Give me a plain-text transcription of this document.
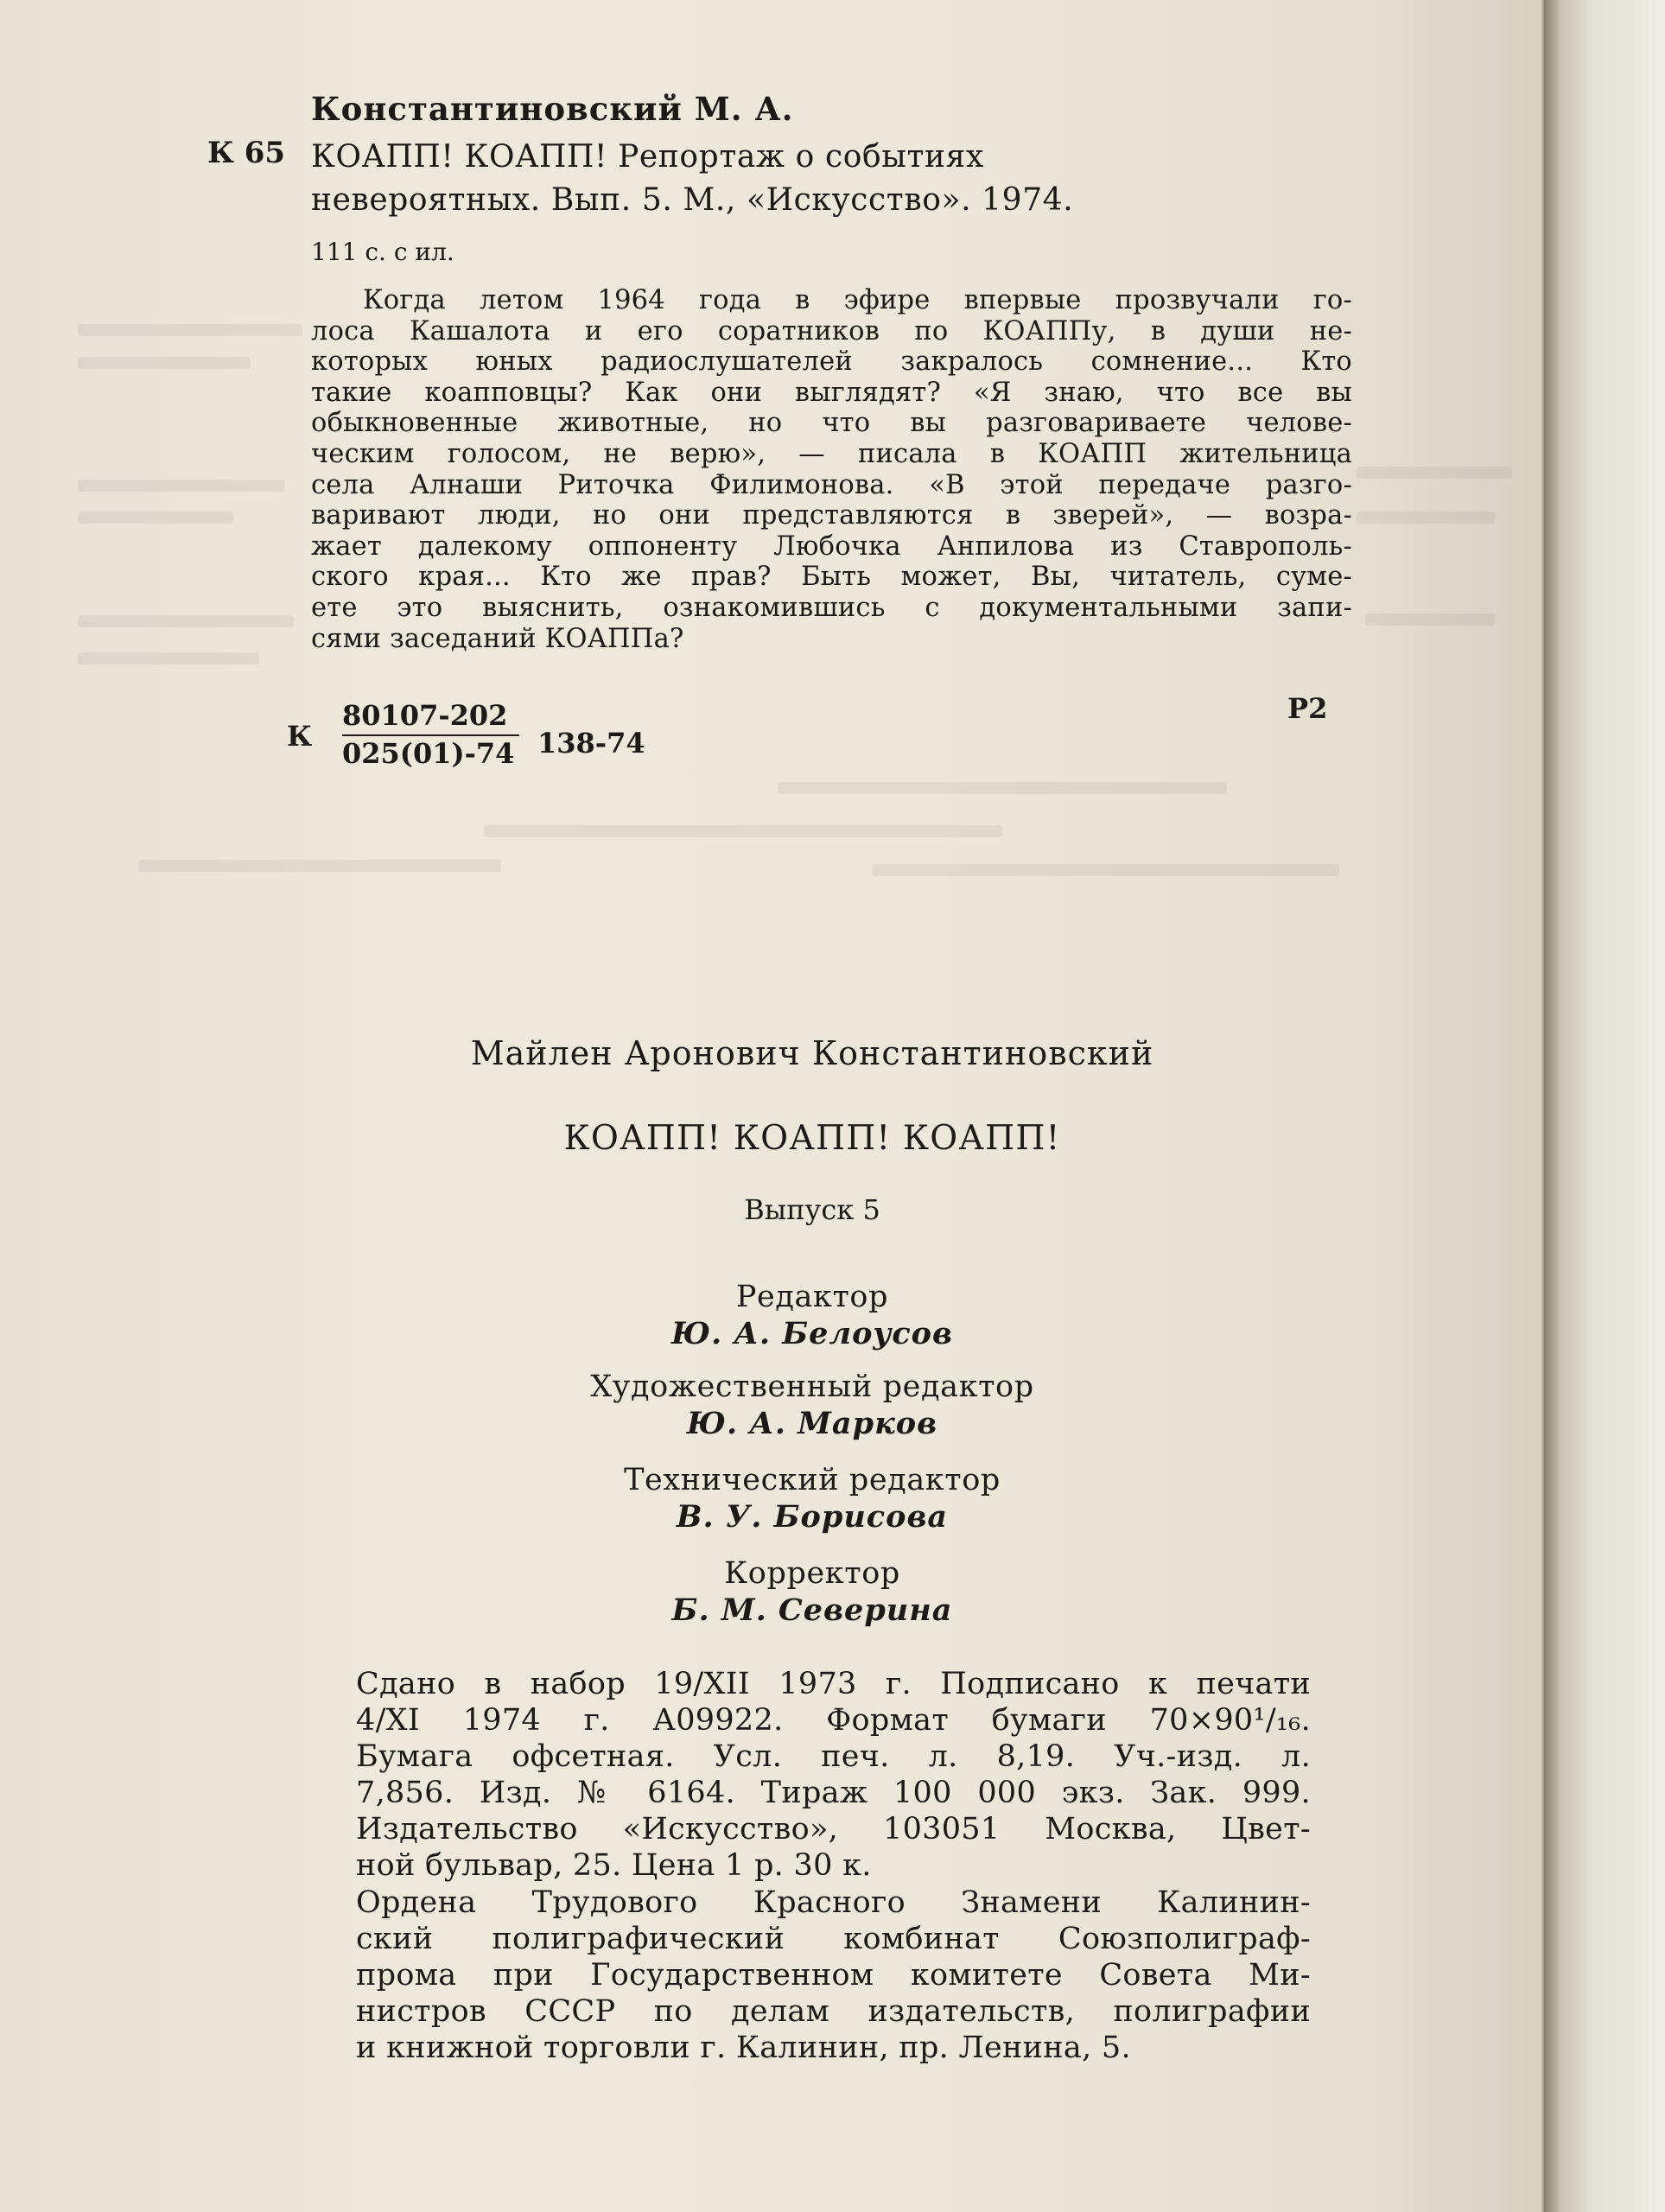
Константиновский М. А.
К 65 КОАПП! КОАПП! Репортаж о событиях
невероятных. Вып. 5. М., «Искусство». 1974.
111 с. с ил.
Когда летом 1964 года в эфире впервые прозвучали го-
лоса Кашалота и его соратников по КОАППу, в души не-
которых юных радиослушателей закралось сомнение... Кто
такие коапповцы? Как они выглядят? «Я знаю, что все вы
обыкновенные животные, но что вы разговариваете челове-
ческим голосом, не верю», — писала в КОАПП жительница
села Алнаши Риточка Филимонова. «В этой передаче разго-
варивают люди, но они представляются в зверей», — возра-
жает далекому оппоненту Любочка Анпилова из Ставрополь-
ского края... Кто же прав? Быть может, Вы, читатель, суме-
ете это выяснить, ознакомившись с документальными запи-
сями заседаний КОАППа?
К
80107-202
025(01)-74 138-74
Р2
Майлен Аронович Константиновский
КОАПП! КОАПП! КОАПП!
Выпуск 5
Редактор
Ю. А. Белоусов
Художественный редактор
Ю. А. Марков
Технический редактор
В. У. Борисова
Корректор
Б. М. Северина
Сдано в набор 19/XII 1973 г. Подписано к печати
4/XI 1974 г. А09922. Формат бумаги 70×90¹/₁₆.
Бумага офсетная. Усл. печ. л. 8,19. Уч.-изд. л.
7,856. Изд. № 6164. Тираж 100 000 экз. Зак. 999.
Издательство «Искусство», 103051 Москва, Цвет-
ной бульвар, 25. Цена 1 р. 30 к.
Ордена Трудового Красного Знамени Калинин-
ский полиграфический комбинат Союзполиграф-
прома при Государственном комитете Совета Ми-
нистров СССР по делам издательств, полиграфии
и книжной торговли г. Калинин, пр. Ленина, 5.
